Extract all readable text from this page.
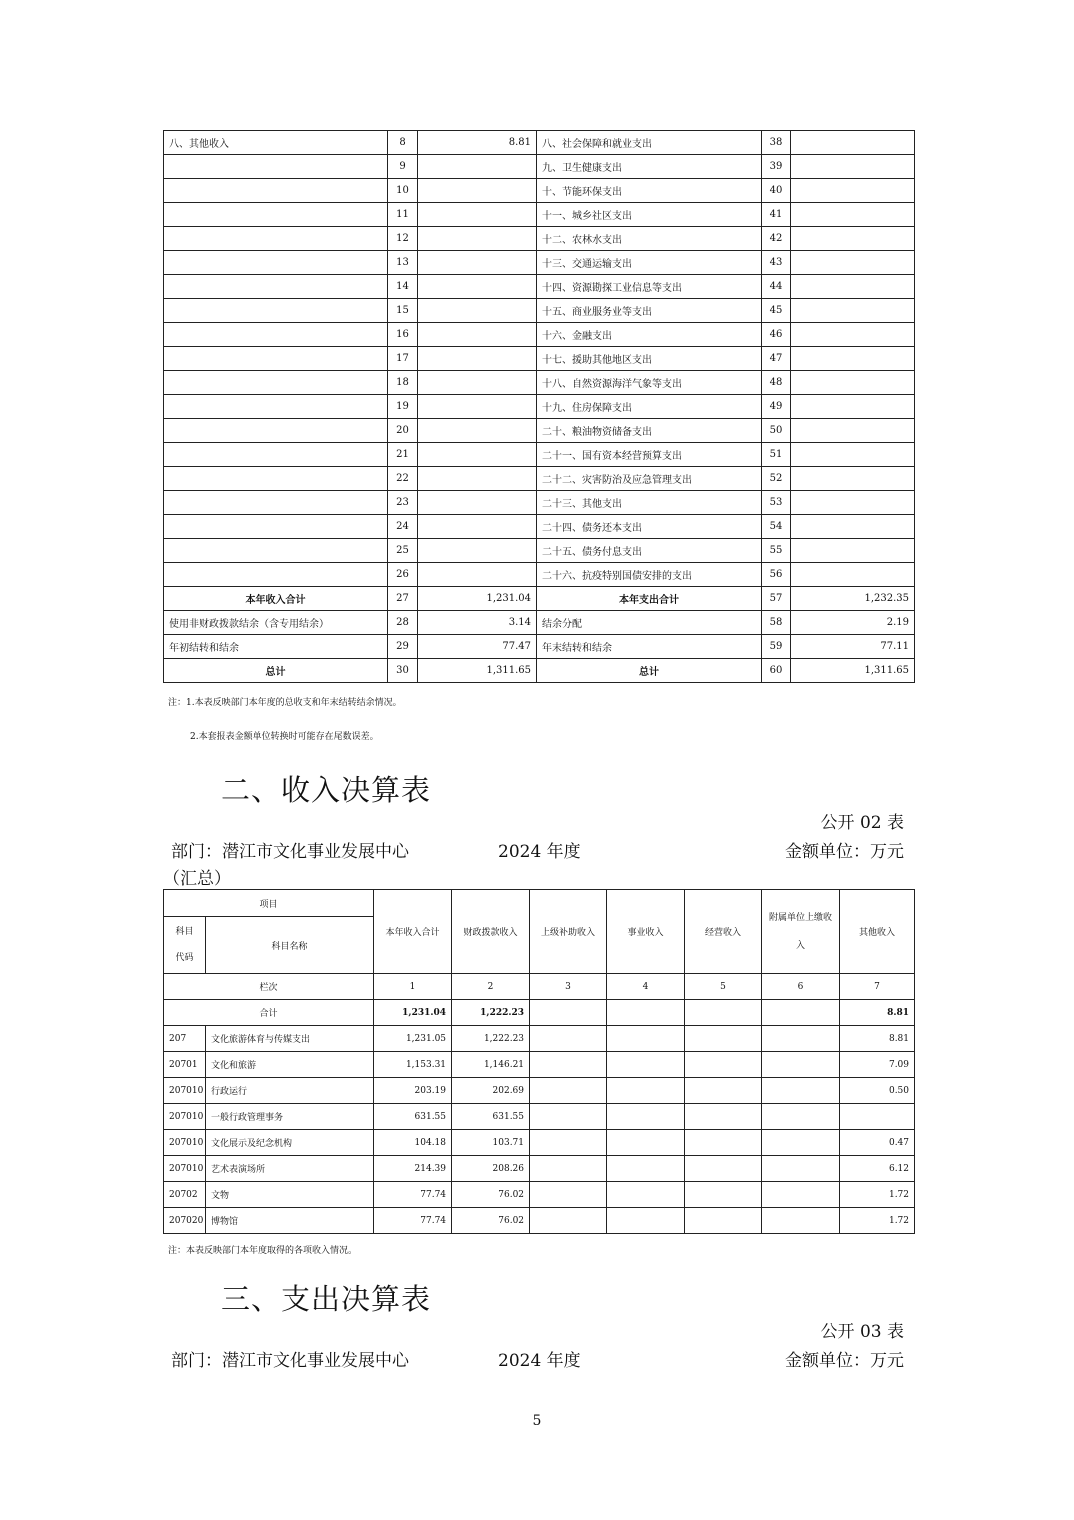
八、其他收入	8	8.81	八、社会保障和就业支出	38	
	9		九、卫生健康支出	39	
	10		十、节能环保支出	40	
	11		十一、城乡社区支出	41	
	12		十二、农林水支出	42	
	13		十三、交通运输支出	43	
	14		十四、资源勘探工业信息等支出	44	
	15		十五、商业服务业等支出	45	
	16		十六、金融支出	46	
	17		十七、援助其他地区支出	47	
	18		十八、自然资源海洋气象等支出	48	
	19		十九、住房保障支出	49	
	20		二十、粮油物资储备支出	50	
	21		二十一、国有资本经营预算支出	51	
	22		二十二、灾害防治及应急管理支出	52	
	23		二十三、其他支出	53	
	24		二十四、债务还本支出	54	
	25		二十五、债务付息支出	55	
	26		二十六、抗疫特别国债安排的支出	56	
本年收入合计	27	1,231.04	本年支出合计	57	1,232.35
使用非财政拨款结余（含专用结余）	28	3.14	结余分配	58	2.19
年初结转和结余	29	77.47	年末结转和结余	59	77.11
总计	30	1,311.65	总计	60	1,311.65
注：1.本表反映部门本年度的总收支和年末结转结余情况。
2.本套报表金额单位转换时可能存在尾数误差。
二、收入决算表
公开 02 表
部门：潜江市文化事业发展中心	2024 年度	金额单位：万元
（汇总）
项目		本年收入合计	财政拨款收入	上级补助收入	事业收入	经营收入	附属单位上缴收入	其他收入
科目代码	科目名称							
栏次		1	2	3	4	5	6	7
合计		1,231.04	1,222.23					8.81
207	文化旅游体育与传媒支出	1,231.05	1,222.23					8.81
20701	文化和旅游	1,153.31	1,146.21					7.09
207010	行政运行	203.19	202.69					0.50
207010	一般行政管理事务	631.55	631.55					
207010	文化展示及纪念机构	104.18	103.71					0.47
207010	艺术表演场所	214.39	208.26					6.12
20702	文物	77.74	76.02					1.72
207020	博物馆	77.74	76.02					1.72
注：本表反映部门本年度取得的各项收入情况。
三、支出决算表
公开 03 表
部门：潜江市文化事业发展中心	2024 年度	金额单位：万元
5
